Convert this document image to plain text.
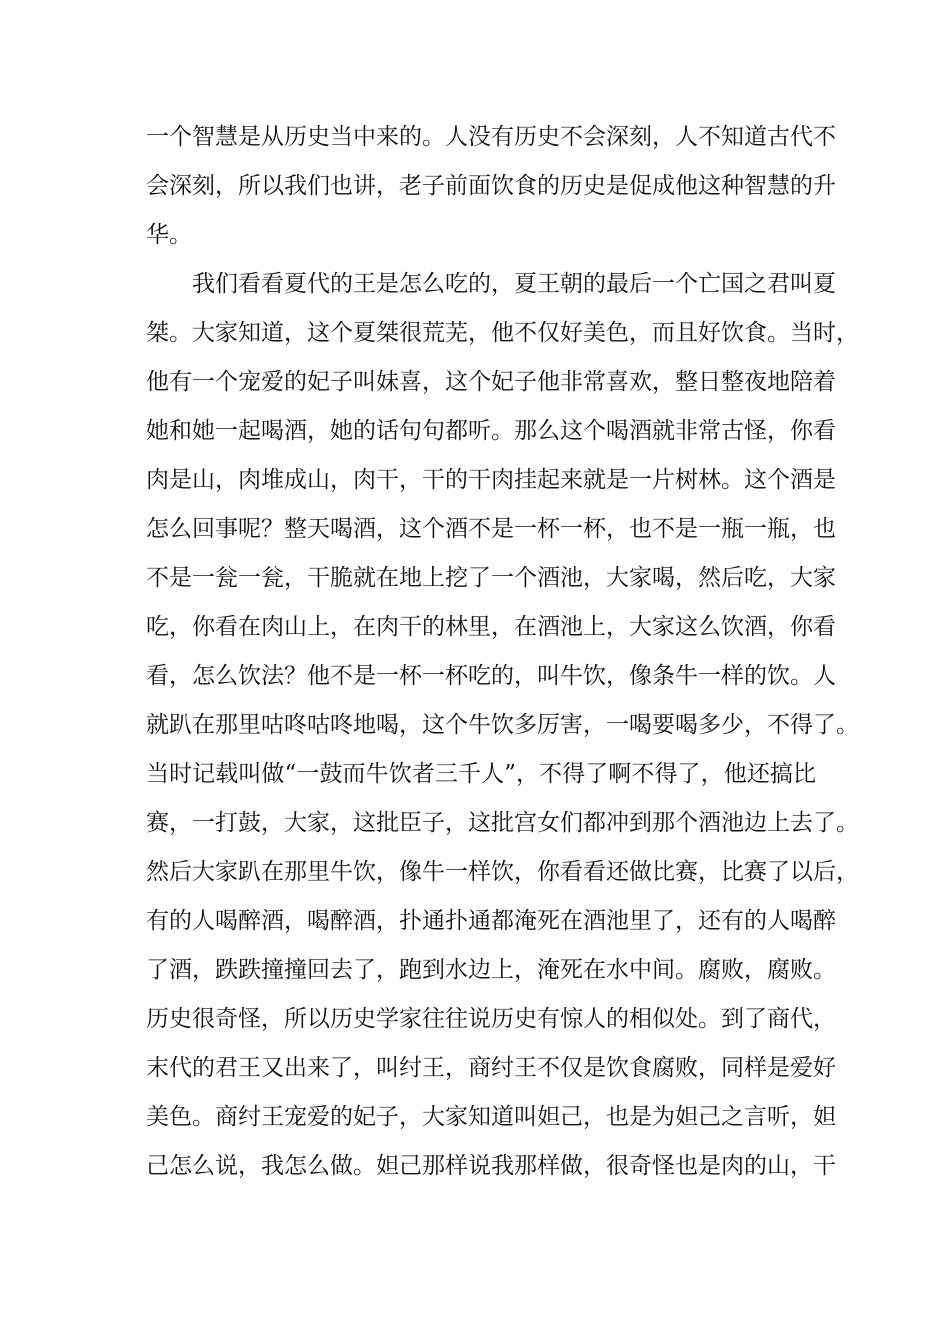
一个智慧是从历史当中来的。人没有历史不会深刻，人不知道古代不
会深刻，所以我们也讲，老子前面饮食的历史是促成他这种智慧的升
华。
　　我们看看夏代的王是怎么吃的，夏王朝的最后一个亡国之君叫夏
桀。大家知道，这个夏桀很荒芜，他不仅好美色，而且好饮食。当时，
他有一个宠爱的妃子叫妹喜，这个妃子他非常喜欢，整日整夜地陪着
她和她一起喝酒，她的话句句都听。那么这个喝酒就非常古怪，你看
肉是山，肉堆成山，肉干，干的干肉挂起来就是一片树林。这个酒是
怎么回事呢？整天喝酒，这个酒不是一杯一杯，也不是一瓶一瓶，也
不是一瓮一瓮，干脆就在地上挖了一个酒池，大家喝，然后吃，大家
吃，你看在肉山上，在肉干的林里，在酒池上，大家这么饮酒，你看
看，怎么饮法？他不是一杯一杯吃的，叫牛饮，像条牛一样的饮。人
就趴在那里咕咚咕咚地喝，这个牛饮多厉害，一喝要喝多少，不得了。
当时记载叫做“一鼓而牛饮者三千人”，不得了啊不得了，他还搞比
赛，一打鼓，大家，这批臣子，这批宫女们都冲到那个酒池边上去了。
然后大家趴在那里牛饮，像牛一样饮，你看看还做比赛，比赛了以后，
有的人喝醉酒，喝醉酒，扑通扑通都淹死在酒池里了，还有的人喝醉
了酒，跌跌撞撞回去了，跑到水边上，淹死在水中间。腐败，腐败。
历史很奇怪，所以历史学家往往说历史有惊人的相似处。到了商代，
末代的君王又出来了，叫纣王，商纣王不仅是饮食腐败，同样是爱好
美色。商纣王宠爱的妃子，大家知道叫妲己，也是为妲己之言听，妲
己怎么说，我怎么做。妲己那样说我那样做，很奇怪也是肉的山，干
